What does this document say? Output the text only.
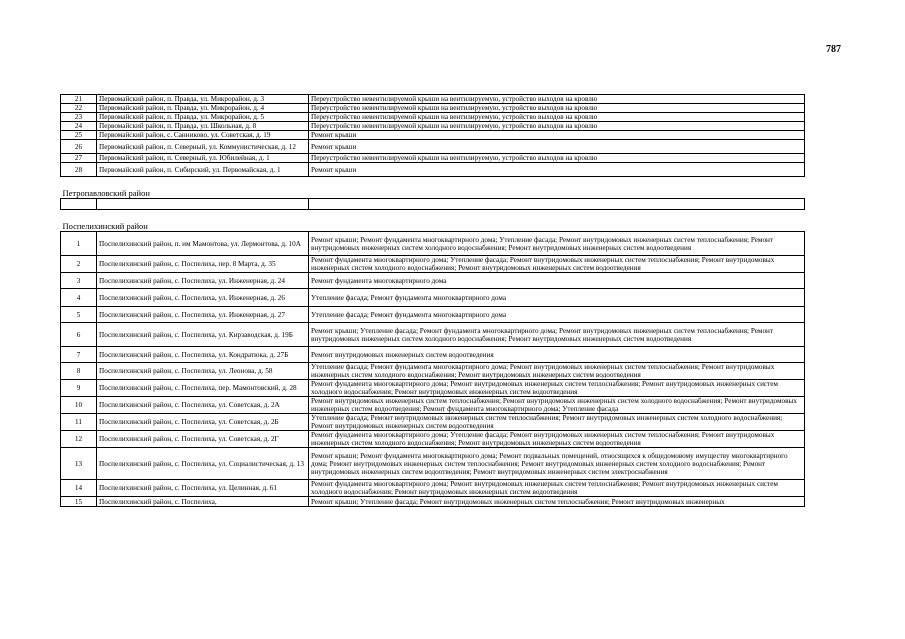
787
21	Первомайский район, п. Правда, ул. Микрорайон, д. 3	Переустройство невентилируемой крыши на вентилируемую, устройство выходов на кровлю
22	Первомайский район, п. Правда, ул. Микрорайон, д. 4	Переустройство невентилируемой крыши на вентилируемую, устройство выходов на кровлю
23	Первомайский район, п. Правда, ул. Микрорайон, д. 5	Переустройство невентилируемой крыши на вентилируемую, устройство выходов на кровлю
24	Первомайский район, п. Правда, ул. Школьная, д. 8	Переустройство невентилируемой крыши на вентилируемую, устройство выходов на кровлю
25	Первомайский район, с. Санниково, ул. Советская, д. 19	Ремонт крыши
26	Первомайский район, п. Северный, ул. Коммунистическая, д. 12	Ремонт крыши
27	Первомайский район, п. Северный, ул. Юбилейная, д. 1	Переустройство невентилируемой крыши на вентилируемую, устройство выходов на кровлю
28	Первомайский район, п. Сибирский, ул. Первомайская, д. 1	Ремонт крыши
Петропавловский район		

Поспелихинский район		
1	Поспелихинский район, п. им Мамонтова, ул. Лермонтова, д. 10А	Ремонт крыши; Ремонт фундамента многоквартирного дома; Утепление фасада; Ремонт внутридомовых инженерных систем теплоснабжения; Ремонт внутридомовых инженерных систем холодного водоснабжения; Ремонт внутридомовых инженерных систем водоотведения
2	Поспелихинский район, с. Поспелиха, пер. 8 Марта, д. 35	Ремонт фундамента многоквартирного дома; Утепление фасада; Ремонт внутридомовых инженерных систем теплоснабжения; Ремонт внутридомовых инженерных систем холодного водоснабжения; Ремонт внутридомовых инженерных систем водоотведения
3	Поспелихинский район, с. Поспелиха, ул. Инженерная, д. 24	Ремонт фундамента многоквартирного дома
4	Поспелихинский район, с. Поспелиха, ул. Инженерная, д. 26	Утепление фасада; Ремонт фундамента многоквартирного дома
5	Поспелихинский район, с. Поспелиха, ул. Инженерная, д. 27	Утепление фасада; Ремонт фундамента многоквартирного дома
6	Поспелихинский район, с. Поспелиха, ул. Кирзаводская, д. 19Б	Ремонт крыши; Утепление фасада; Ремонт фундамента многоквартирного дома; Ремонт внутридомовых инженерных систем теплоснабжения; Ремонт внутридомовых инженерных систем холодного водоснабжения; Ремонт внутридомовых инженерных систем водоотведения
7	Поспелихинский район, с. Поспелиха, ул. Кондратюка, д. 27Б	Ремонт внутридомовых инженерных систем водоотведения
8	Поспелихинский район, с. Поспелиха, ул. Леонова, д. 58	Утепление фасада; Ремонт фундамента многоквартирного дома; Ремонт внутридомовых инженерных систем теплоснабжения; Ремонт внутридомовых инженерных систем холодного водоснабжения; Ремонт внутридомовых инженерных систем водоотведения
9	Поспелихинский район, с. Поспелиха, пер. Мамонтовский, д. 28	Ремонт фундамента многоквартирного дома; Ремонт внутридомовых инженерных систем теплоснабжения; Ремонт внутридомовых инженерных систем холодного водоснабжения; Ремонт внутридомовых инженерных систем водоотведения
10	Поспелихинский район, с. Поспелиха, ул. Советская, д. 2А	Ремонт внутридомовых инженерных систем теплоснабжения; Ремонт внутридомовых инженерных систем холодного водоснабжения; Ремонт внутридомовых инженерных систем водоотведения; Ремонт фундамента многоквартирного дома; Утепление фасада
11	Поспелихинский район, с. Поспелиха, ул. Советская, д. 2Б	Утепление фасада; Ремонт внутридомовых инженерных систем теплоснабжения; Ремонт внутридомовых инженерных систем холодного водоснабжения; Ремонт внутридомовых инженерных систем водоотведения
12	Поспелихинский район, с. Поспелиха, ул. Советская, д. 2Г	Ремонт фундамента многоквартирного дома; Утепление фасада; Ремонт внутридомовых инженерных систем теплоснабжения; Ремонт внутридомовых инженерных систем холодного водоснабжения; Ремонт внутридомовых инженерных систем водоотведения
13	Поспелихинский район, с. Поспелиха, ул. Социалистическая, д. 13	Ремонт крыши; Ремонт фундамента многоквартирного дома; Ремонт подвальных помещений, относящихся к общедомовому имуществу многоквартирного дома; Ремонт внутридомовых инженерных систем теплоснабжения; Ремонт внутридомовых инженерных систем холодного водоснабжения; Ремонт внутридомовых инженерных систем водоотведения; Ремонт внутридомовых инженерных систем электроснабжения
14	Поспелихинский район, с. Поспелиха, ул. Целинная, д. 61	Ремонт фундамента многоквартирного дома; Ремонт внутридомовых инженерных систем теплоснабжения; Ремонт внутридомовых инженерных систем холодного водоснабжения; Ремонт внутридомовых инженерных систем водоотведения
15	Поспелихинский район, с. Поспелиха,	Ремонт крыши; Утепление фасада; Ремонт внутридомовых инженерных систем теплоснабжения; Ремонт внутридомовых инженерных
